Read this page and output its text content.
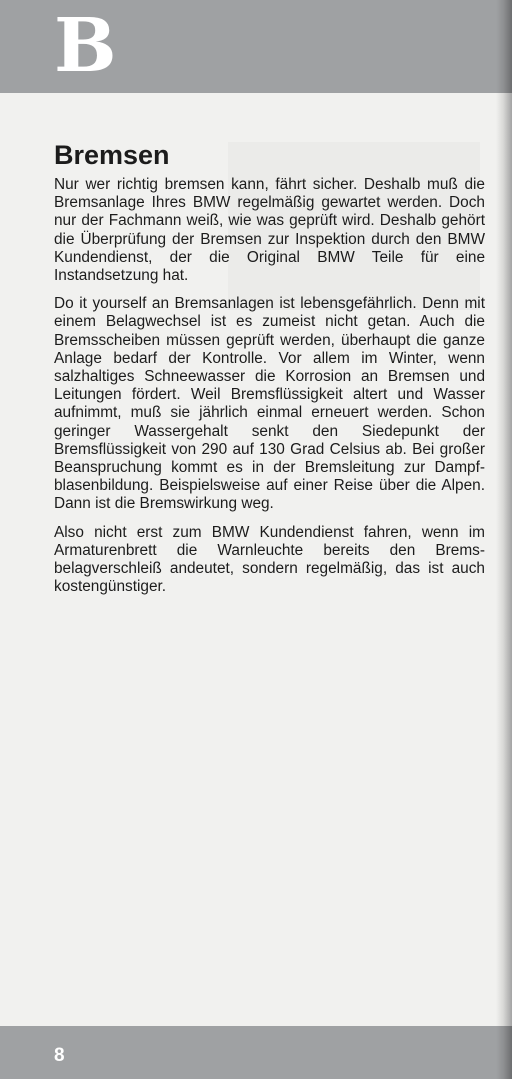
B
Bremsen

Nur wer richtig bremsen kann, fährt sicher. Deshalb muß die Bremsanlage Ihres BMW regelmäßig gewartet werden. Doch nur der Fachmann weiß, wie was geprüft wird. Deshalb gehört die Überprüfung der Bremsen zur Inspektion durch den BMW Kundendienst, der die Original BMW Teile für eine Instandsetzung hat.

Do it yourself an Bremsanlagen ist lebensgefährlich. Denn mit einem Belagwechsel ist es zumeist nicht getan. Auch die Bremsscheiben müssen geprüft werden, überhaupt die ganze Anlage bedarf der Kontrolle. Vor allem im Winter, wenn salzhaltiges Schneewasser die Korrosion an Bremsen und Leitungen fördert. Weil Bremsflüssigkeit altert und Wasser aufnimmt, muß sie jährlich einmal erneuert werden. Schon geringer Wassergehalt senkt den Siedepunkt der Bremsflüssigkeit von 290 auf 130 Grad Celsius ab. Bei großer Beanspruchung kommt es in der Bremsleitung zur Dampfblasenbildung. Beispielsweise auf einer Reise über die Alpen. Dann ist die Bremswirkung weg.

Also nicht erst zum BMW Kundendienst fahren, wenn im Armaturenbrett die Warnleuchte bereits den Bremsbelagverschleiß andeutet, sondern regelmäßig, das ist auch kostengünstiger.

8
